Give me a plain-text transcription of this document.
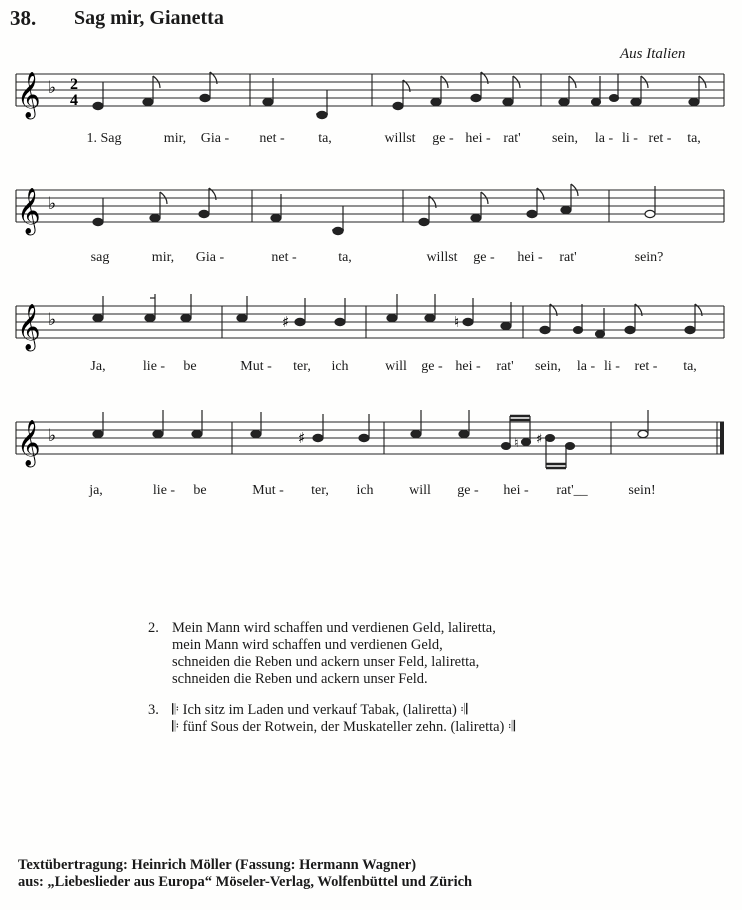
38. Sag mir, Gianetta
Aus Italien
𝄞 ♭ 2
4
1. Sag	mir, Gia - net - ta,	willst ge - hei - rat' sein, la - li - ret - ta,
𝄞 ♭
sag	mir, Gia -	net -	ta,	willst ge - hei - rat'	sein?
𝄞 ♭	♯	♮
Ja,	lie - be	Mut - ter, ich	will ge - hei - rat' sein, la - li - ret - ta,
𝄞 ♭	♯	♮ ♯
ja,	lie - be	Mut - ter, ich	will ge - hei - rat'__	sein!
2. Mein Mann wird schaffen und verdienen Geld, laliretta,
mein Mann wird schaffen und verdienen Geld,
schneiden die Reben und ackern unser Feld, laliretta,
schneiden die Reben und ackern unser Feld.
3. 𝄆 Ich sitz im Laden und verkauf Tabak, (laliretta) 𝄇
𝄆 fünf Sous der Rotwein, der Muskateller zehn. (laliretta) 𝄇
Textübertragung: Heinrich Möller (Fassung: Hermann Wagner)
aus: „Liebeslieder aus Europa“ Möseler-Verlag, Wolfenbüttel und Zürich
